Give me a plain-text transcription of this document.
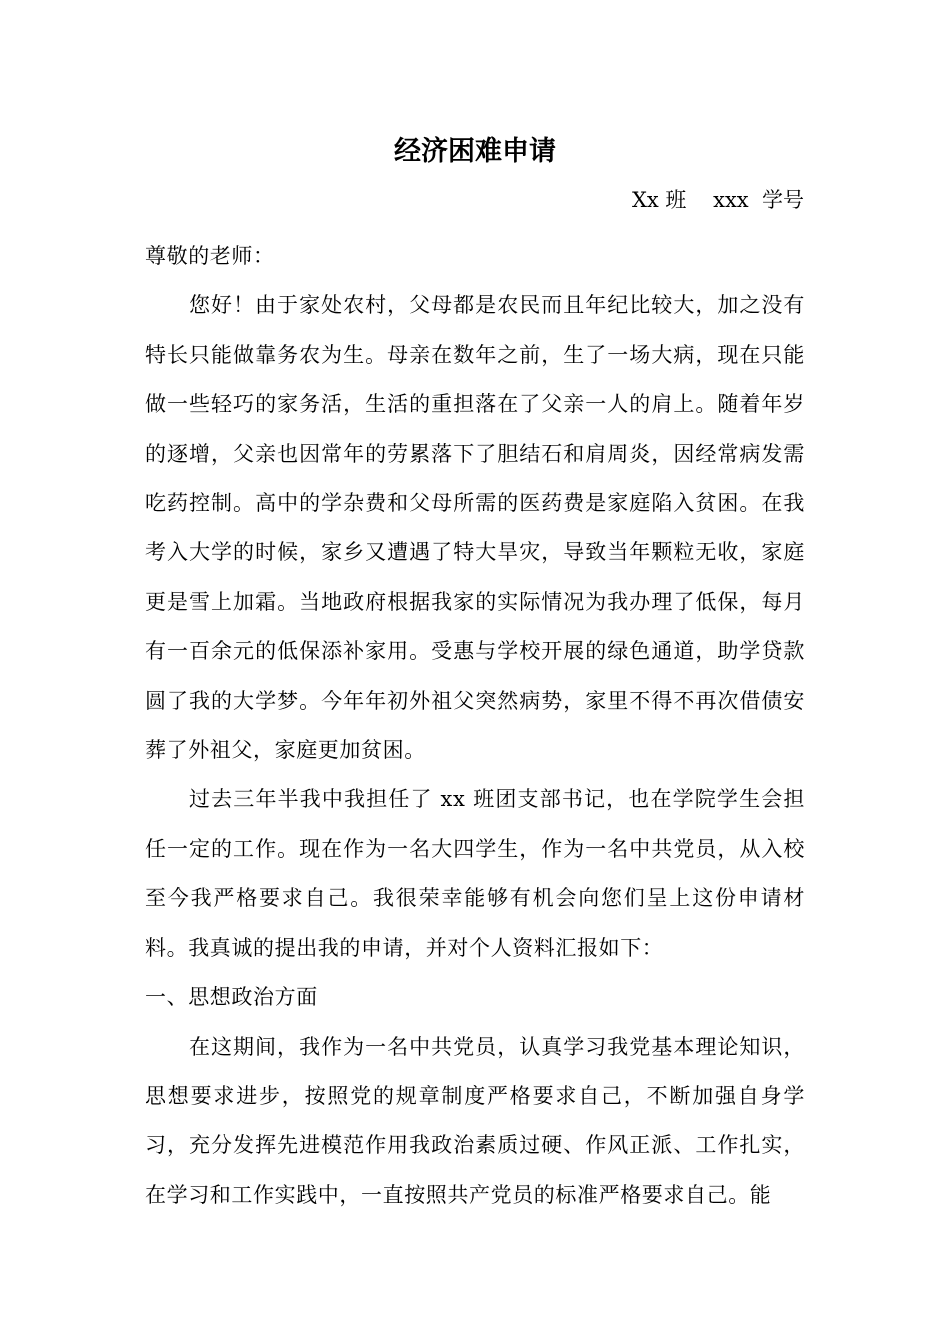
经济困难申请
Xx 班    xxx  学号

尊敬的老师：

您好！由于家处农村，父母都是农民而且年纪比较大，加之没有特长只能做靠务农为生。母亲在数年之前，生了一场大病，现在只能做一些轻巧的家务活，生活的重担落在了父亲一人的肩上。随着年岁的逐增，父亲也因常年的劳累落下了胆结石和肩周炎，因经常病发需吃药控制。高中的学杂费和父母所需的医药费是家庭陷入贫困。在我考入大学的时候，家乡又遭遇了特大旱灾，导致当年颗粒无收，家庭更是雪上加霜。当地政府根据我家的实际情况为我办理了低保，每月有一百余元的低保添补家用。受惠与学校开展的绿色通道，助学贷款圆了我的大学梦。今年年初外祖父突然病势，家里不得不再次借债安葬了外祖父，家庭更加贫困。

过去三年半我中我担任了 xx 班团支部书记，也在学院学生会担任一定的工作。现在作为一名大四学生，作为一名中共党员，从入校至今我严格要求自己。我很荣幸能够有机会向您们呈上这份申请材料。我真诚的提出我的申请，并对个人资料汇报如下：

一、思想政治方面

在这期间，我作为一名中共党员，认真学习我党基本理论知识，思想要求进步，按照党的规章制度严格要求自己，不断加强自身学习，充分发挥先进模范作用我政治素质过硬、作风正派、工作扎实，在学习和工作实践中，一直按照共产党员的标准严格要求自己。能
